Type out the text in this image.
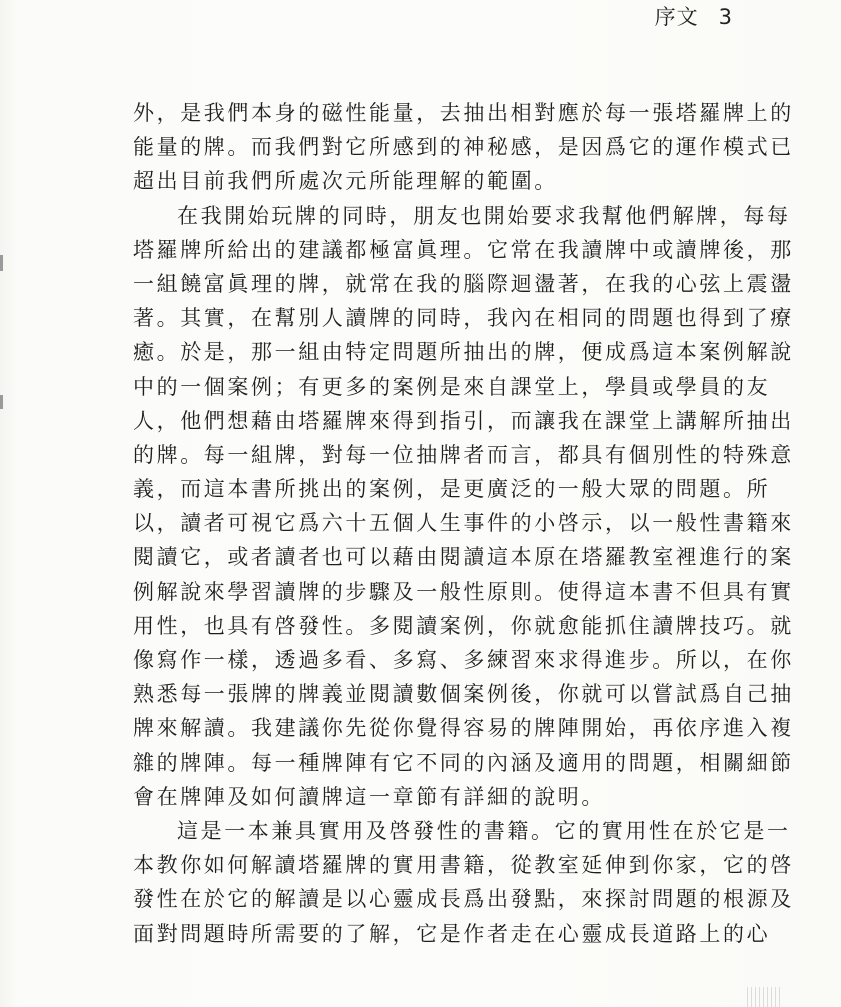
序文 3
外，是我們本身的磁性能量，去抽出相對應於每一張塔羅牌上的
能量的牌。而我們對它所感到的神秘感，是因爲它的運作模式已
超出目前我們所處次元所能理解的範圍。
在我開始玩牌的同時，朋友也開始要求我幫他們解牌，每每
塔羅牌所給出的建議都極富眞理。它常在我讀牌中或讀牌後，那
一組饒富眞理的牌，就常在我的腦際迴盪著，在我的心弦上震盪
著。其實，在幫別人讀牌的同時，我內在相同的問題也得到了療
癒。於是，那一組由特定問題所抽出的牌，便成爲這本案例解說
中的一個案例；有更多的案例是來自課堂上，學員或學員的友
人，他們想藉由塔羅牌來得到指引，而讓我在課堂上講解所抽出
的牌。每一組牌，對每一位抽牌者而言，都具有個別性的特殊意
義，而這本書所挑出的案例，是更廣泛的一般大眾的問題。所
以，讀者可視它爲六十五個人生事件的小啓示，以一般性書籍來
閱讀它，或者讀者也可以藉由閱讀這本原在塔羅教室裡進行的案
例解說來學習讀牌的步驟及一般性原則。使得這本書不但具有實
用性，也具有啓發性。多閱讀案例，你就愈能抓住讀牌技巧。就
像寫作一樣，透過多看、多寫、多練習來求得進步。所以，在你
熟悉每一張牌的牌義並閱讀數個案例後，你就可以嘗試爲自己抽
牌來解讀。我建議你先從你覺得容易的牌陣開始，再依序進入複
雜的牌陣。每一種牌陣有它不同的內涵及適用的問題，相關細節
會在牌陣及如何讀牌這一章節有詳細的說明。
這是一本兼具實用及啓發性的書籍。它的實用性在於它是一
本教你如何解讀塔羅牌的實用書籍，從教室延伸到你家，它的啓
發性在於它的解讀是以心靈成長爲出發點，來探討問題的根源及
面對問題時所需要的了解，它是作者走在心靈成長道路上的心
